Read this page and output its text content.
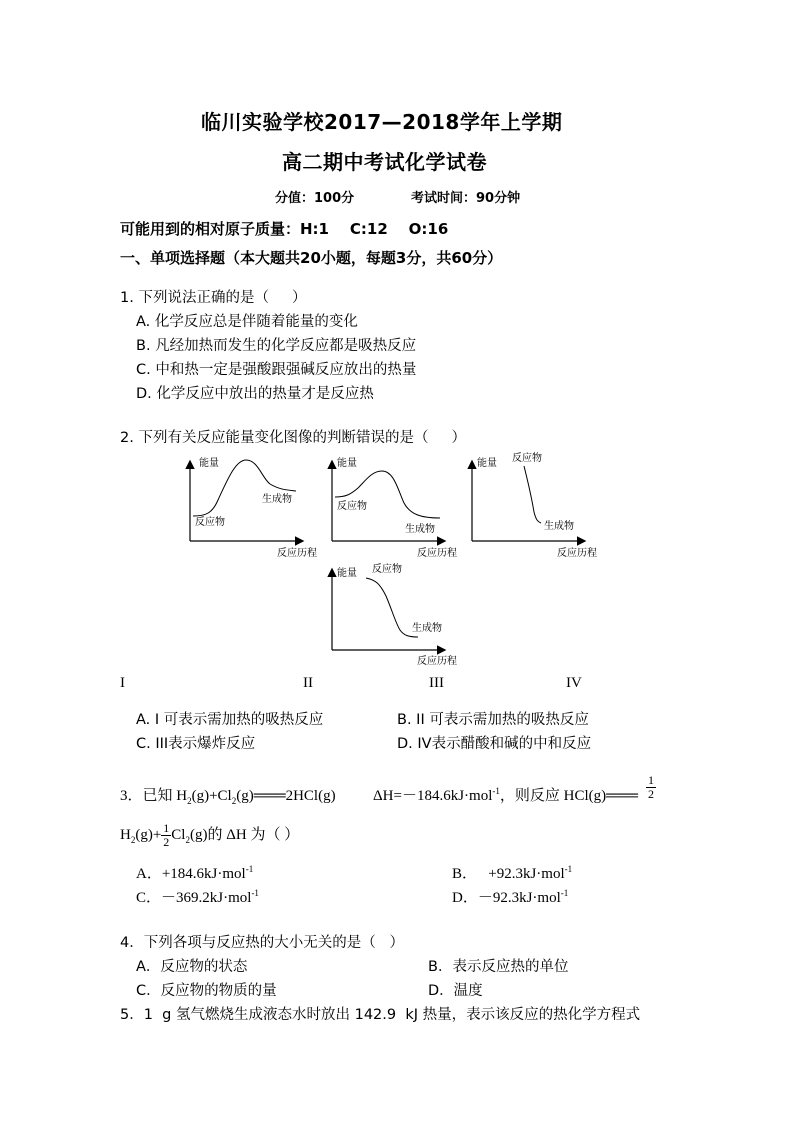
临川实验学校2017—2018学年上学期
高二期中考试化学试卷
分值：100分	考试时间：90分钟
可能用到的相对原子质量：H:1    C:12    O:16
一、单项选择题（本大题共20小题，每题3分，共60分）
1. 下列说法正确的是（     ）
A. 化学反应总是伴随着能量的变化
B. 凡经加热而发生的化学反应都是吸热反应
C. 中和热一定是强酸跟强碱反应放出的热量
D. 化学反应中放出的热量才是反应热
2. 下列有关反应能量变化图像的判断错误的是（     ）
能量
反应物
生成物
反应历程
能量
反应物
生成物
反应历程
能量 反应物
生成物
反应历程
能量 反应物
生成物
反应历程
I	II	III	IV
A. I 可表示需加热的吸热反应	B. II 可表示需加热的吸热反应
C. III表示爆炸反应	D. IV表示醋酸和碱的中和反应
3．已知 $H_2(g)+Cl_2(g)═══2HCl(g)$ ΔH=－184.6kJ·mol$^{-1}$，则反应 HCl(g)═══ $\frac{1}{2}$
$H_2(g)+ \frac{1}{2} Cl_2(g)$的 ΔH 为（ ）
A．+184.6kJ·mol$^{-1}$	B．   +92.3kJ·mol$^{-1}$
C．－369.2kJ·mol$^{-1}$	D．－92.3kJ·mol$^{-1}$
4．下列各项与反应热的大小无关的是（   ）
A．反应物的状态	B．表示反应热的单位
C．反应物的物质的量	D．温度
5．1  g 氢气燃烧生成液态水时放出 142.9  kJ 热量，表示该反应的热化学方程式
